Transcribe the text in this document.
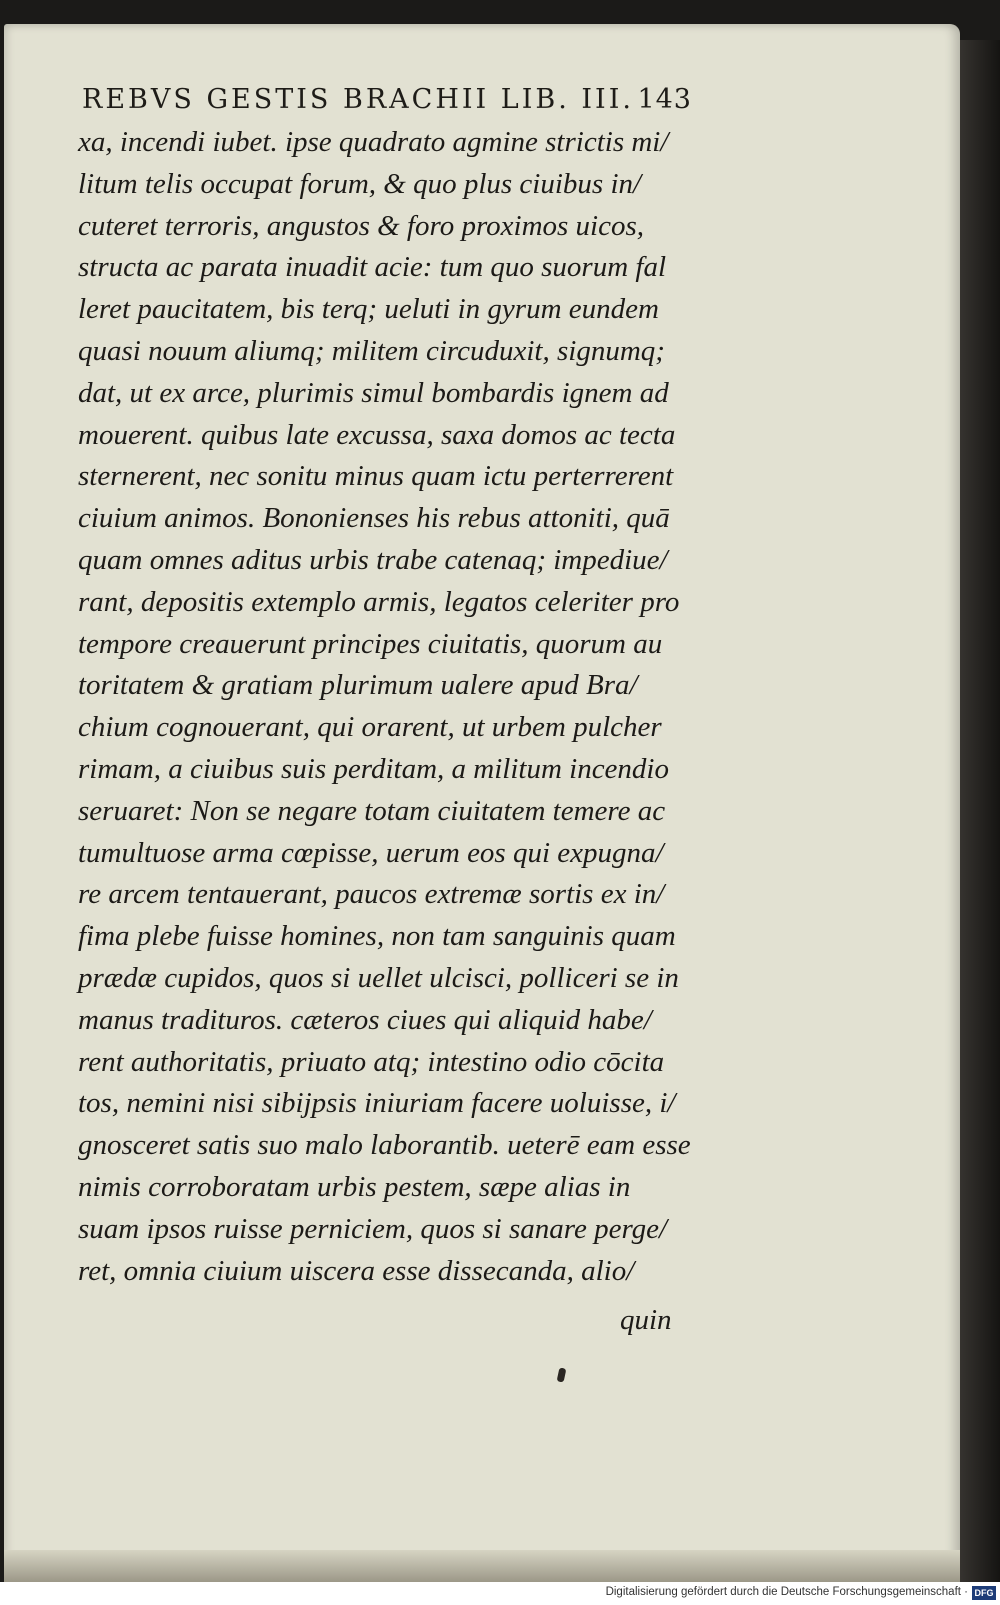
REBVS GESTIS BRACHII LIB. III. 143
xa, incendi iubet. ipse quadrato agmine strictis mi/
litum telis occupat forum, & quo plus ciuibus in/
cuteret terroris, angustos & foro proximos uicos,
structa ac parata inuadit acie: tum quo suorum fal
leret paucitatem, bis terq; ueluti in gyrum eundem
quasi nouum aliumq; militem circuduxit, signumq;
dat, ut ex arce, plurimis simul bombardis ignem ad
mouerent. quibus late excussa, saxa domos ac tecta
sternerent, nec sonitu minus quam ictu perterrerent
ciuium animos. Bononienses his rebus attoniti, quā
quam omnes aditus urbis trabe catenaq; impediue/
rant, depositis extemplo armis, legatos celeriter pro
tempore creauerunt principes ciuitatis, quorum au
toritatem & gratiam plurimum ualere apud Bra/
chium cognouerant, qui orarent, ut urbem pulcher
rimam, a ciuibus suis perditam, a militum incendio
seruaret: Non se negare totam ciuitatem temere ac
tumultuose arma cœpisse, uerum eos qui expugna/
re arcem tentauerant, paucos extremæ sortis ex in/
fima plebe fuisse homines, non tam sanguinis quam
prædæ cupidos, quos si uellet ulcisci, polliceri se in
manus tradituros. cæteros ciues qui aliquid habe/
rent authoritatis, priuato atq; intestino odio cōcita
tos, nemini nisi sibijpsis iniuriam facere uoluisse, i/
gnosceret satis suo malo laborantib. ueterē eam esse
nimis corroboratam urbis pestem, sæpe alias in
suam ipsos ruisse perniciem, quos si sanare perge/
ret, omnia ciuium uiscera esse dissecanda, alio/
quin
Digitalisierung gefördert durch die Deutsche Forschungsgemeinschaft · DFG
